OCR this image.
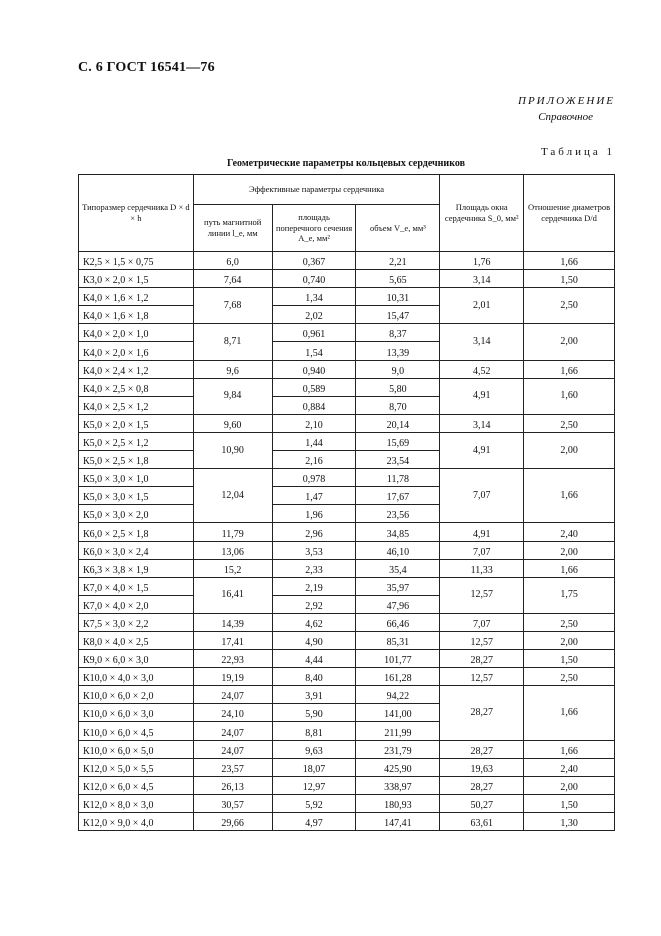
С. 6 ГОСТ 16541—76
ПРИЛОЖЕНИЕ
Справочное
Таблица 1
Геометрические параметры кольцевых сердечников
Типоразмер сердечника D × d × h	Эффективные параметры сердечника			Площадь окна сердечника S_0, мм²	Отношение диаметров сердечника D/d
	путь магнитной линии l_e, мм	площадь поперечного сечения A_e, мм²	объем V_e, мм³		
К2,5 × 1,5 × 0,75	6,0	0,367	2,21	1,76	1,66
К3,0 × 2,0 × 1,5	7,64	0,740	5,65	3,14	1,50
К4,0 × 1,6 × 1,2	7,68	1,34	10,31	2,01	2,50
К4,0 × 1,6 × 1,8		2,02	15,47		
К4,0 × 2,0 × 1,0	8,71	0,961	8,37	3,14	2,00
К4,0 × 2,0 × 1,6		1,54	13,39		
К4,0 × 2,4 × 1,2	9,6	0,940	9,0	4,52	1,66
К4,0 × 2,5 × 0,8	9,84	0,589	5,80	4,91	1,60
К4,0 × 2,5 × 1,2		0,884	8,70		
К5,0 × 2,0 × 1,5	9,60	2,10	20,14	3,14	2,50
К5,0 × 2,5 × 1,2	10,90	1,44	15,69	4,91	2,00
К5,0 × 2,5 × 1,8		2,16	23,54		
К5,0 × 3,0 × 1,0	12,04	0,978	11,78	7,07	1,66
К5,0 × 3,0 × 1,5		1,47	17,67		
К5,0 × 3,0 × 2,0		1,96	23,56		
К6,0 × 2,5 × 1,8	11,79	2,96	34,85	4,91	2,40
К6,0 × 3,0 × 2,4	13,06	3,53	46,10	7,07	2,00
К6,3 × 3,8 × 1,9	15,2	2,33	35,4	11,33	1,66
К7,0 × 4,0 × 1,5	16,41	2,19	35,97	12,57	1,75
К7,0 × 4,0 × 2,0		2,92	47,96		
К7,5 × 3,0 × 2,2	14,39	4,62	66,46	7,07	2,50
К8,0 × 4,0 × 2,5	17,41	4,90	85,31	12,57	2,00
К9,0 × 6,0 × 3,0	22,93	4,44	101,77	28,27	1,50
К10,0 × 4,0 × 3,0	19,19	8,40	161,28	12,57	2,50
К10,0 × 6,0 × 2,0	24,07	3,91	94,22	28,27	1,66
К10,0 × 6,0 × 3,0	24,10	5,90	141,00		
К10,0 × 6,0 × 4,5	24,07	8,81	211,99		
К10,0 × 6,0 × 5,0	24,07	9,63	231,79	28,27	1,66
К12,0 × 5,0 × 5,5	23,57	18,07	425,90	19,63	2,40
К12,0 × 6,0 × 4,5	26,13	12,97	338,97	28,27	2,00
К12,0 × 8,0 × 3,0	30,57	5,92	180,93	50,27	1,50
К12,0 × 9,0 × 4,0	29,66	4,97	147,41	63,61	1,30
